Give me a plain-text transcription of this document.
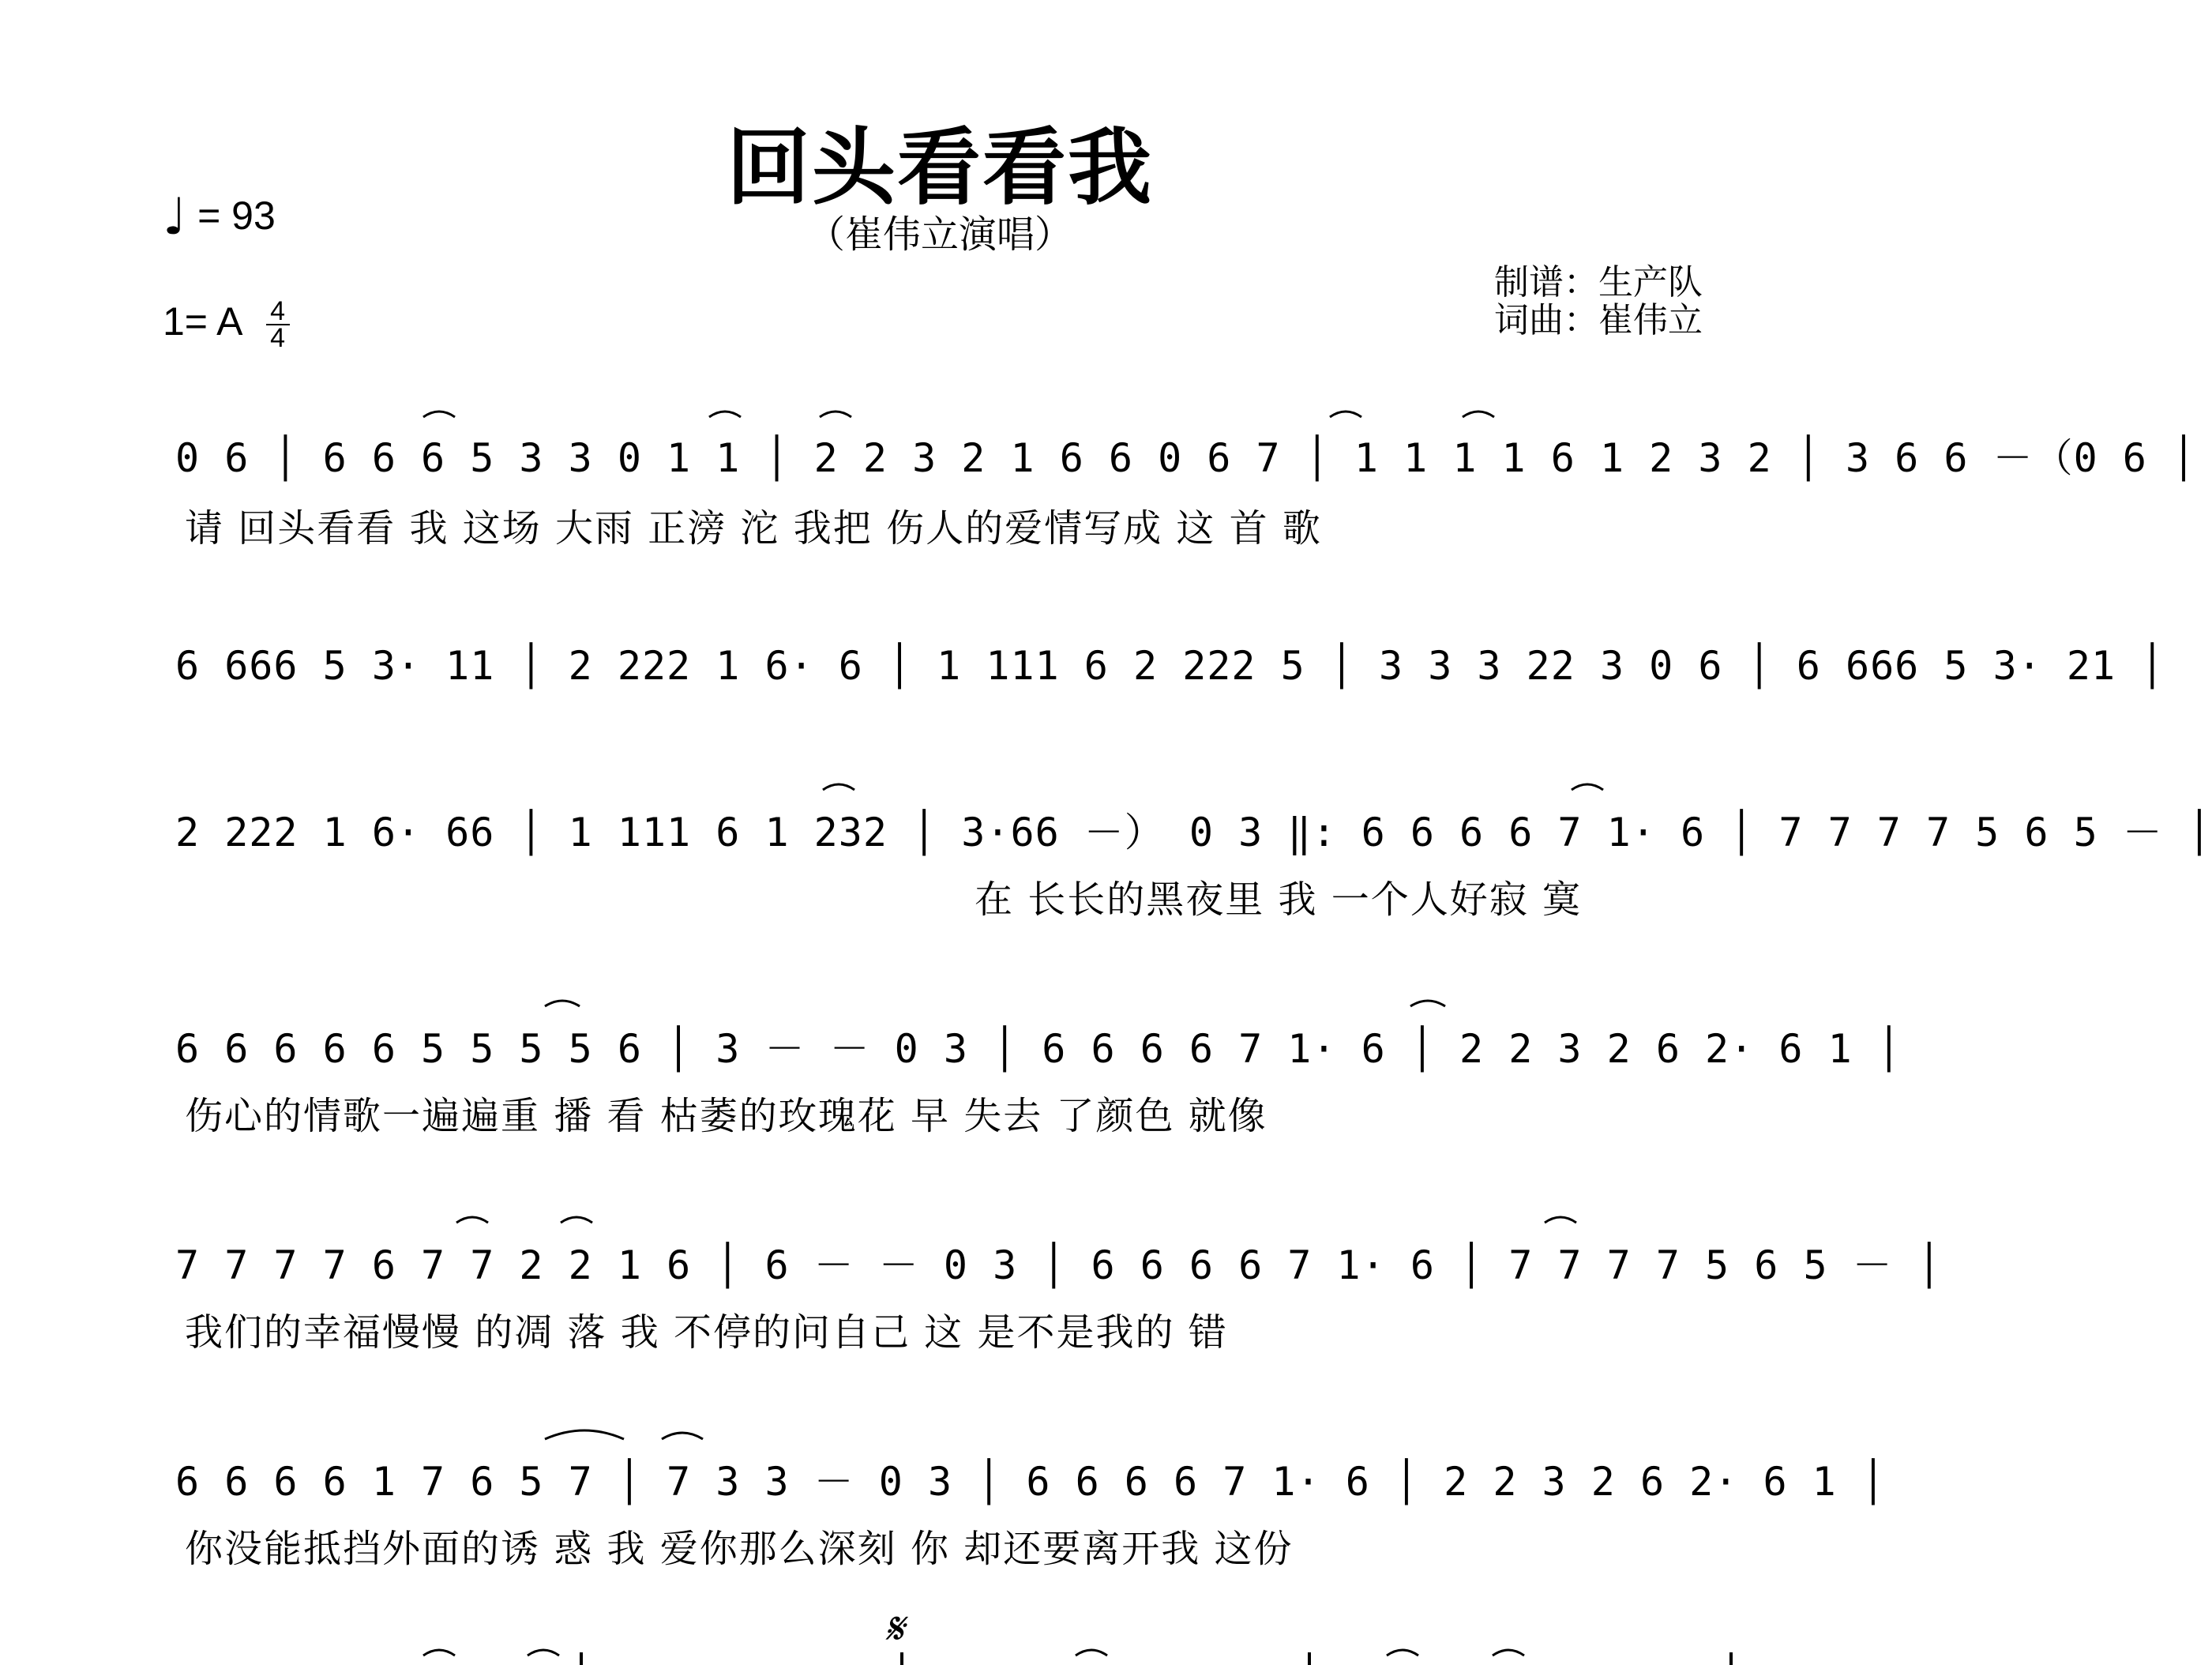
回头看看我
（崔伟立演唱）
♩ = 93
1= A $\frac{4}{4}$
制谱：生产队
词曲：崔伟立
0 6 │ 6 6 6 5 3 3 0 1 1 │ 2 2 3 2 1 6 6 0 6 7 │ 1 1 1 1 6 1 2 3 2 │ 3 6 6 －（0 6 │
请 回头看看 我 这场 大雨 正滂 沱 我把 伤人的爱情写成 这 首 歌
6 666 5 3· 11 │ 2 222 1 6· 6 │ 1 111 6 2 222 5 │ 3 3 3 22 3 0 6 │ 6 666 5 3· 21 │
2 222 1 6· 66 │ 1 111 6 1 232 │ 3·66 －） 0 3 ‖: 6 6 6 6 7 1· 6 │ 7 7 7 7 5 6 5 － │
在 长长的黑夜里 我 一个人好寂 寞
6 6 6 6 6 5 5 5 5 6 │ 3 － － 0 3 │ 6 6 6 6 7 1· 6 │ 2 2 3 2 6 2· 6 1 │
伤心的情歌一遍遍重 播 看 枯萎的玫瑰花 早 失去 了颜色 就像
7 7 7 7 6 7 7 2 2 1 6 │ 6 － － 0 3 │ 6 6 6 6 7 1· 6 │ 7 7 7 7 5 6 5 － │
我们的幸福慢慢 的凋 落 我 不停的问自己 这 是不是我的 错
6 6 6 6 1 7 6 5 7 │ 7 3 3 － 0 3 │ 6 6 6 6 7 1· 6 │ 2 2 3 2 6 2· 6 1 │
你没能抵挡外面的诱 惑 我 爱你那么深刻 你 却还要离开我 这份
𝄋
